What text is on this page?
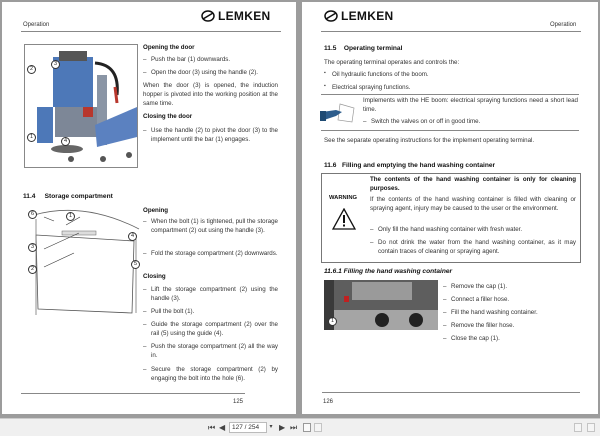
Operation
LEMKEN
3
2
1
4
Opening the door
– Push the bar (1) downwards.
– Open the door (3) using the handle (2).
When the door (3) is opened, the induction hopper is pivoted into the working position at the same time.
Closing the door
– Use the handle (2) to pivot the door (3) to the implement until the bar (1) engages.
11.4 Storage compartment
6	1
3
2
4
5
Opening
– When the bolt (1) is tightened, pull the storage compartment (2) out using the handle (3).
– Fold the storage compartment (2) downwards.
Closing
– Lift the storage compartment (2) using the handle (3).
– Pull the bolt (1).
– Guide the storage compartment (2) over the rail (5) using the guide (4).
– Push the storage compartment (2) all the way in.
– Secure the storage compartment (2) by engaging the bolt into the hole (6).
125
LEMKEN
Operation
11.5 Operating terminal
The operating terminal operates and controls the:
▪ Oil hydraulic functions of the boom.
▪ Electrical spraying functions.
Implements with the HE boom: electrical spraying functions need a short lead time.
– Switch the valves on or off in good time.
See the separate operating instructions for the implement operating terminal.
11.6 Filling and emptying the hand washing container
WARNING
The contents of the hand washing container is only for cleaning purposes.
If the contents of the hand washing container is filled with cleaning or spraying agent, injury may be caused to the user or the environment.
– Only fill the hand washing container with fresh water.
– Do not drink the water from the hand washing container, as it may contain traces of cleaning or spraying agent.
11.6.1 Filling the hand washing container
1
– Remove the cap (1).
– Connect a filler hose.
– Fill the hand washing container.
– Remove the filler hose.
– Close the cap (1).
126
⏮ ◀	127 / 254	▾ ▶ ⏭
